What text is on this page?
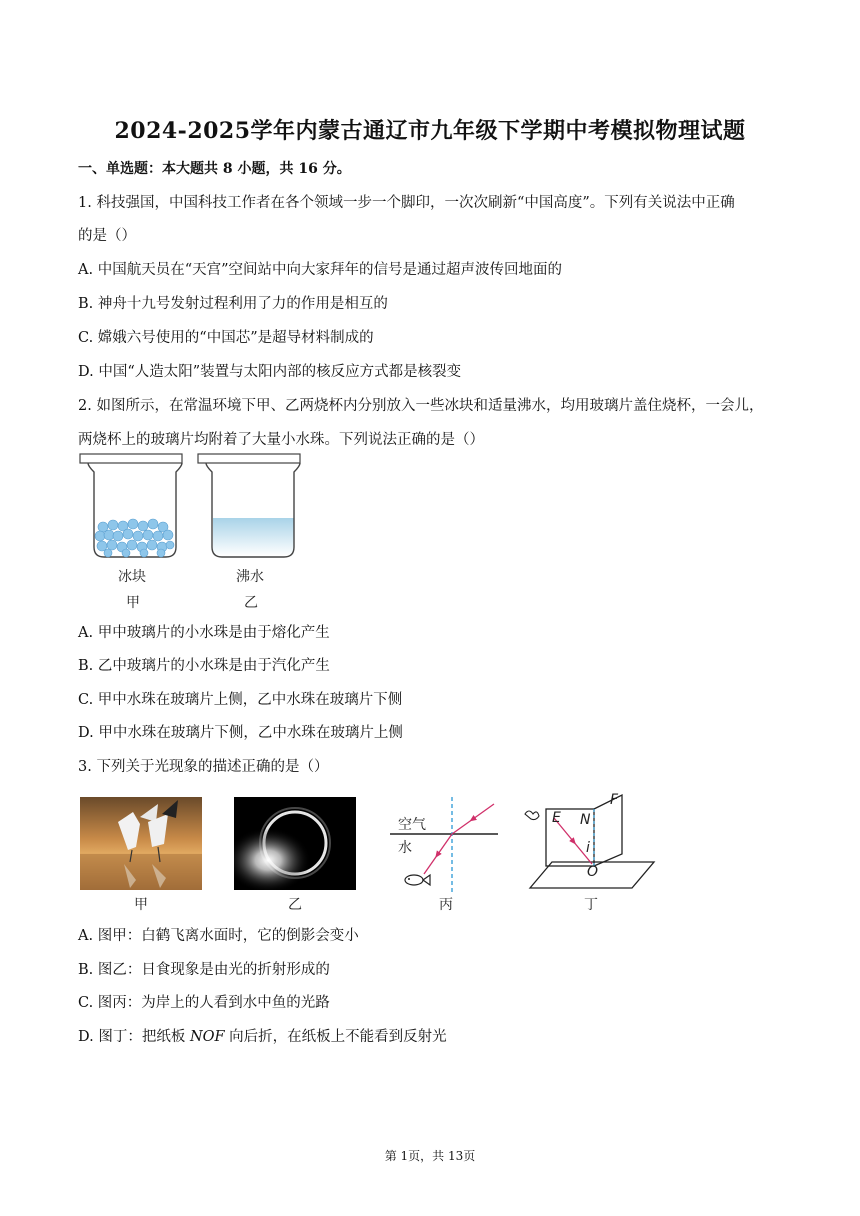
2024-2025学年内蒙古通辽市九年级下学期中考模拟物理试题
一、单选题：本大题共 8 小题，共 16 分。
1. 科技强国，中国科技工作者在各个领域一步一个脚印，一次次刷新“中国高度”。下列有关说法中正确
的是（）
A. 中国航天员在“天宫”空间站中向大家拜年的信号是通过超声波传回地面的
B. 神舟十九号发射过程利用了力的作用是相互的
C. 嫦娥六号使用的“中国芯”是超导材料制成的
D. 中国“人造太阳”装置与太阳内部的核反应方式都是核裂变
2. 如图所示，在常温环境下甲、乙两烧杯内分别放入一些冰块和适量沸水，均用玻璃片盖住烧杯，一会儿，
两烧杯上的玻璃片均附着了大量小水珠。下列说法正确的是（）
冰块
甲
沸水
乙
A. 甲中玻璃片的小水珠是由于熔化产生
B. 乙中玻璃片的小水珠是由于汽化产生
C. 甲中水珠在玻璃片上侧，乙中水珠在玻璃片下侧
D. 甲中水珠在玻璃片下侧，乙中水珠在玻璃片上侧
3. 下列关于光现象的描述正确的是（）
甲	乙
空气
水
丙
E N
F
i
O
丁
A. 图甲：白鹤飞离水面时，它的倒影会变小
B. 图乙：日食现象是由光的折射形成的
C. 图丙：为岸上的人看到水中鱼的光路
D. 图丁：把纸板 NOF 向后折，在纸板上不能看到反射光
第 1页，共 13页
